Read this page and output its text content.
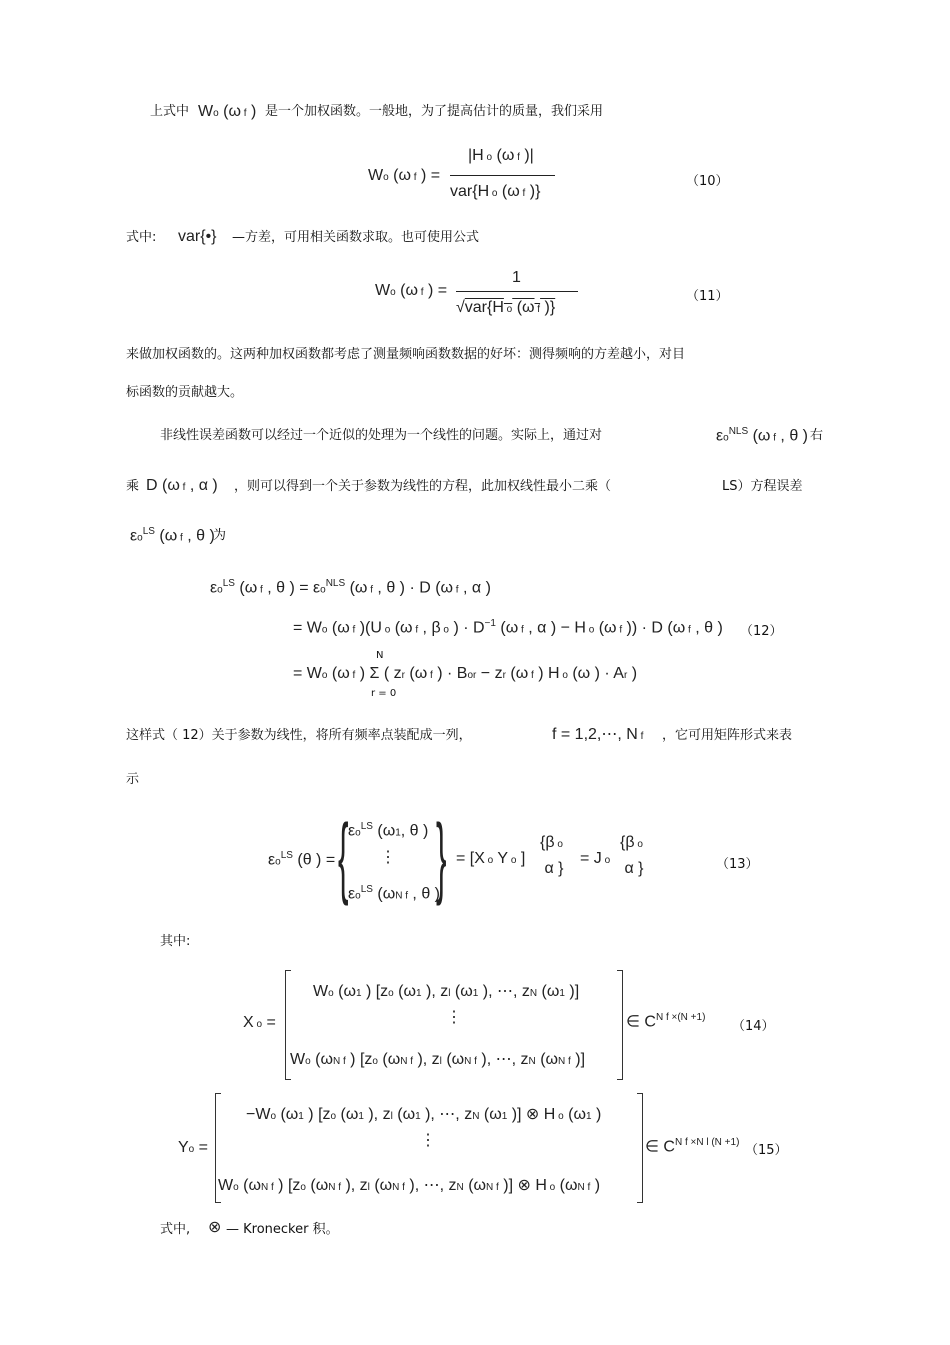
上式中 Wo (ω f ) 是一个加权函数。一般地，为了提高估计的质量，我们采用
Wo (ω f ) =
|H o (ω f )|
var{H o (ω f )}
（10）
式中: var{•} —方差，可用相关函数求取。也可使用公式
Wo (ω f ) =
1
√var{H o (ω f )}
（11）
来做加权函数的。这两种加权函数都考虑了测量频响函数数据的好坏：测得频响的方差越小，对目
标函数的贡献越大。
非线性误差函数可以经过一个近似的处理为一个线性的问题。实际上，通过对	$\varepsilon o^{NLS}$ (ω f , θ ) 右
乘 D (ω f , α ) ，则可以得到一个关于参数为线性的方程，此加权线性最小二乘（	LS）方程误差
$\varepsilon o^{LS}$ (ω f , θ )
为
$\varepsilon o^{LS}$ (ω f , θ ) = $\varepsilon o^{NLS}$ (ω f , θ ) · D (ω f , α )
= Wo (ω f )(U o (ω f , β o ) · $D^{-1}$ (ω f , α ) − H o (ω f )) · D (ω f , θ ) （12）
= Wo (ω f ) Σ ( zr (ω f ) · Bor − zr (ω f ) H o (ω ) · Ar )
N
r = 0
这样式（ 12）关于参数为线性，将所有频率点装配成一列，	f = 1,2,⋯, N f ，它可用矩阵形式来表
示
$\varepsilon o^{LS}$ (θ ) = { $\varepsilon o^{LS}$ (ω1, θ )
⋮
$\varepsilon o^{LS}$ (ωN f , θ )
} = [X o Y o ]
{β o
α }
= J o
{β o
α }	（13）
其中:
X o =
Wo (ω1 ) [zo (ω1 ), zl (ω1 ), ⋯, zN (ω1 )]
⋮
Wo (ωN f ) [zo (ωN f ), zl (ωN f ), ⋯, zN (ωN f )]
∈ $C^{N f \times(N +1)}$
（14）
Yo =
−Wo (ω1 ) [zo (ω1 ), zl (ω1 ), ⋯, zN (ω1 )] ⊗ H o (ω1 )
⋮
Wo (ωN f ) [zo (ωN f ), zl (ωN f ), ⋯, zN (ωN f )] ⊗ H o (ωN f )
∈ $C^{N f \times N l (N +1)}$
（15）
式中, ⊗ — Kronecker 积。
